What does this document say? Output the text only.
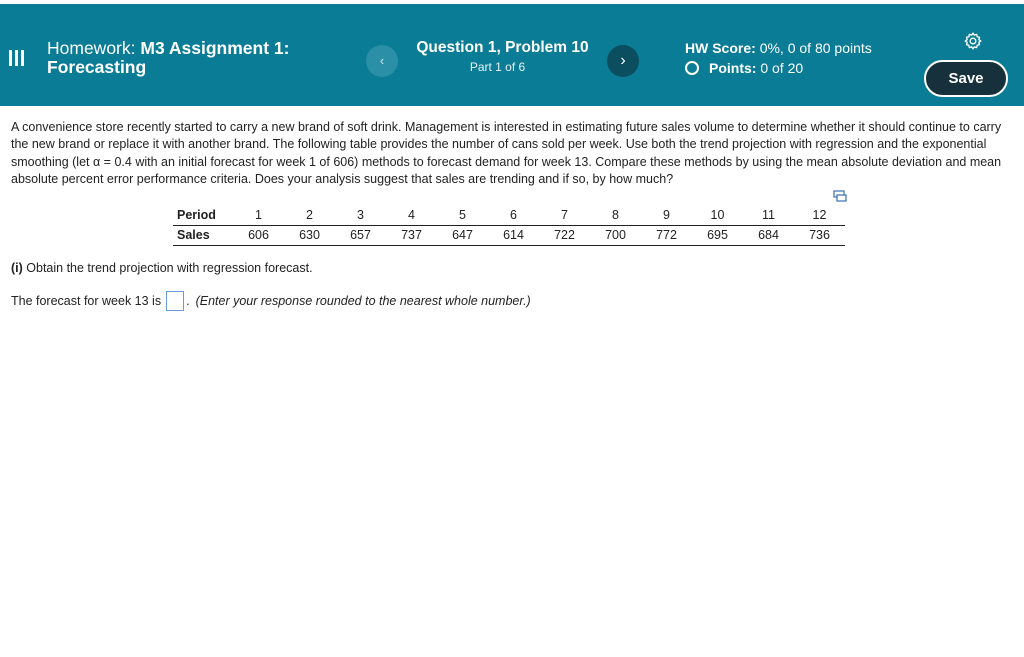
Homework: M3 Assignment 1: Forecasting	‹
Question 1, Problem 10
Part 1 of 6	›
HW Score: 0%, 0 of 80 points
Points:
0 of 20
Save
A convenience store recently started to carry a new brand of soft drink. Management is interested in estimating future sales volume to determine whether it should continue to carry the new brand or replace it with another brand. The following table provides the number of cans sold per week. Use both the trend projection with regression and the exponential smoothing (let α = 0.4 with an initial forecast for week 1 of 606) methods to forecast demand for week 13. Compare these methods by using the mean absolute deviation and mean absolute percent error performance criteria. Does your analysis suggest that sales are trending and if so, by how much?
Period	1	2	3	4	5	6	7	8	9	10	11	12
Sales	606	630	657	737	647	614	722	700	772	695	684	736
(i) Obtain the trend projection with regression forecast.
The forecast for week 13 is . (Enter your response rounded to the nearest whole number.)
